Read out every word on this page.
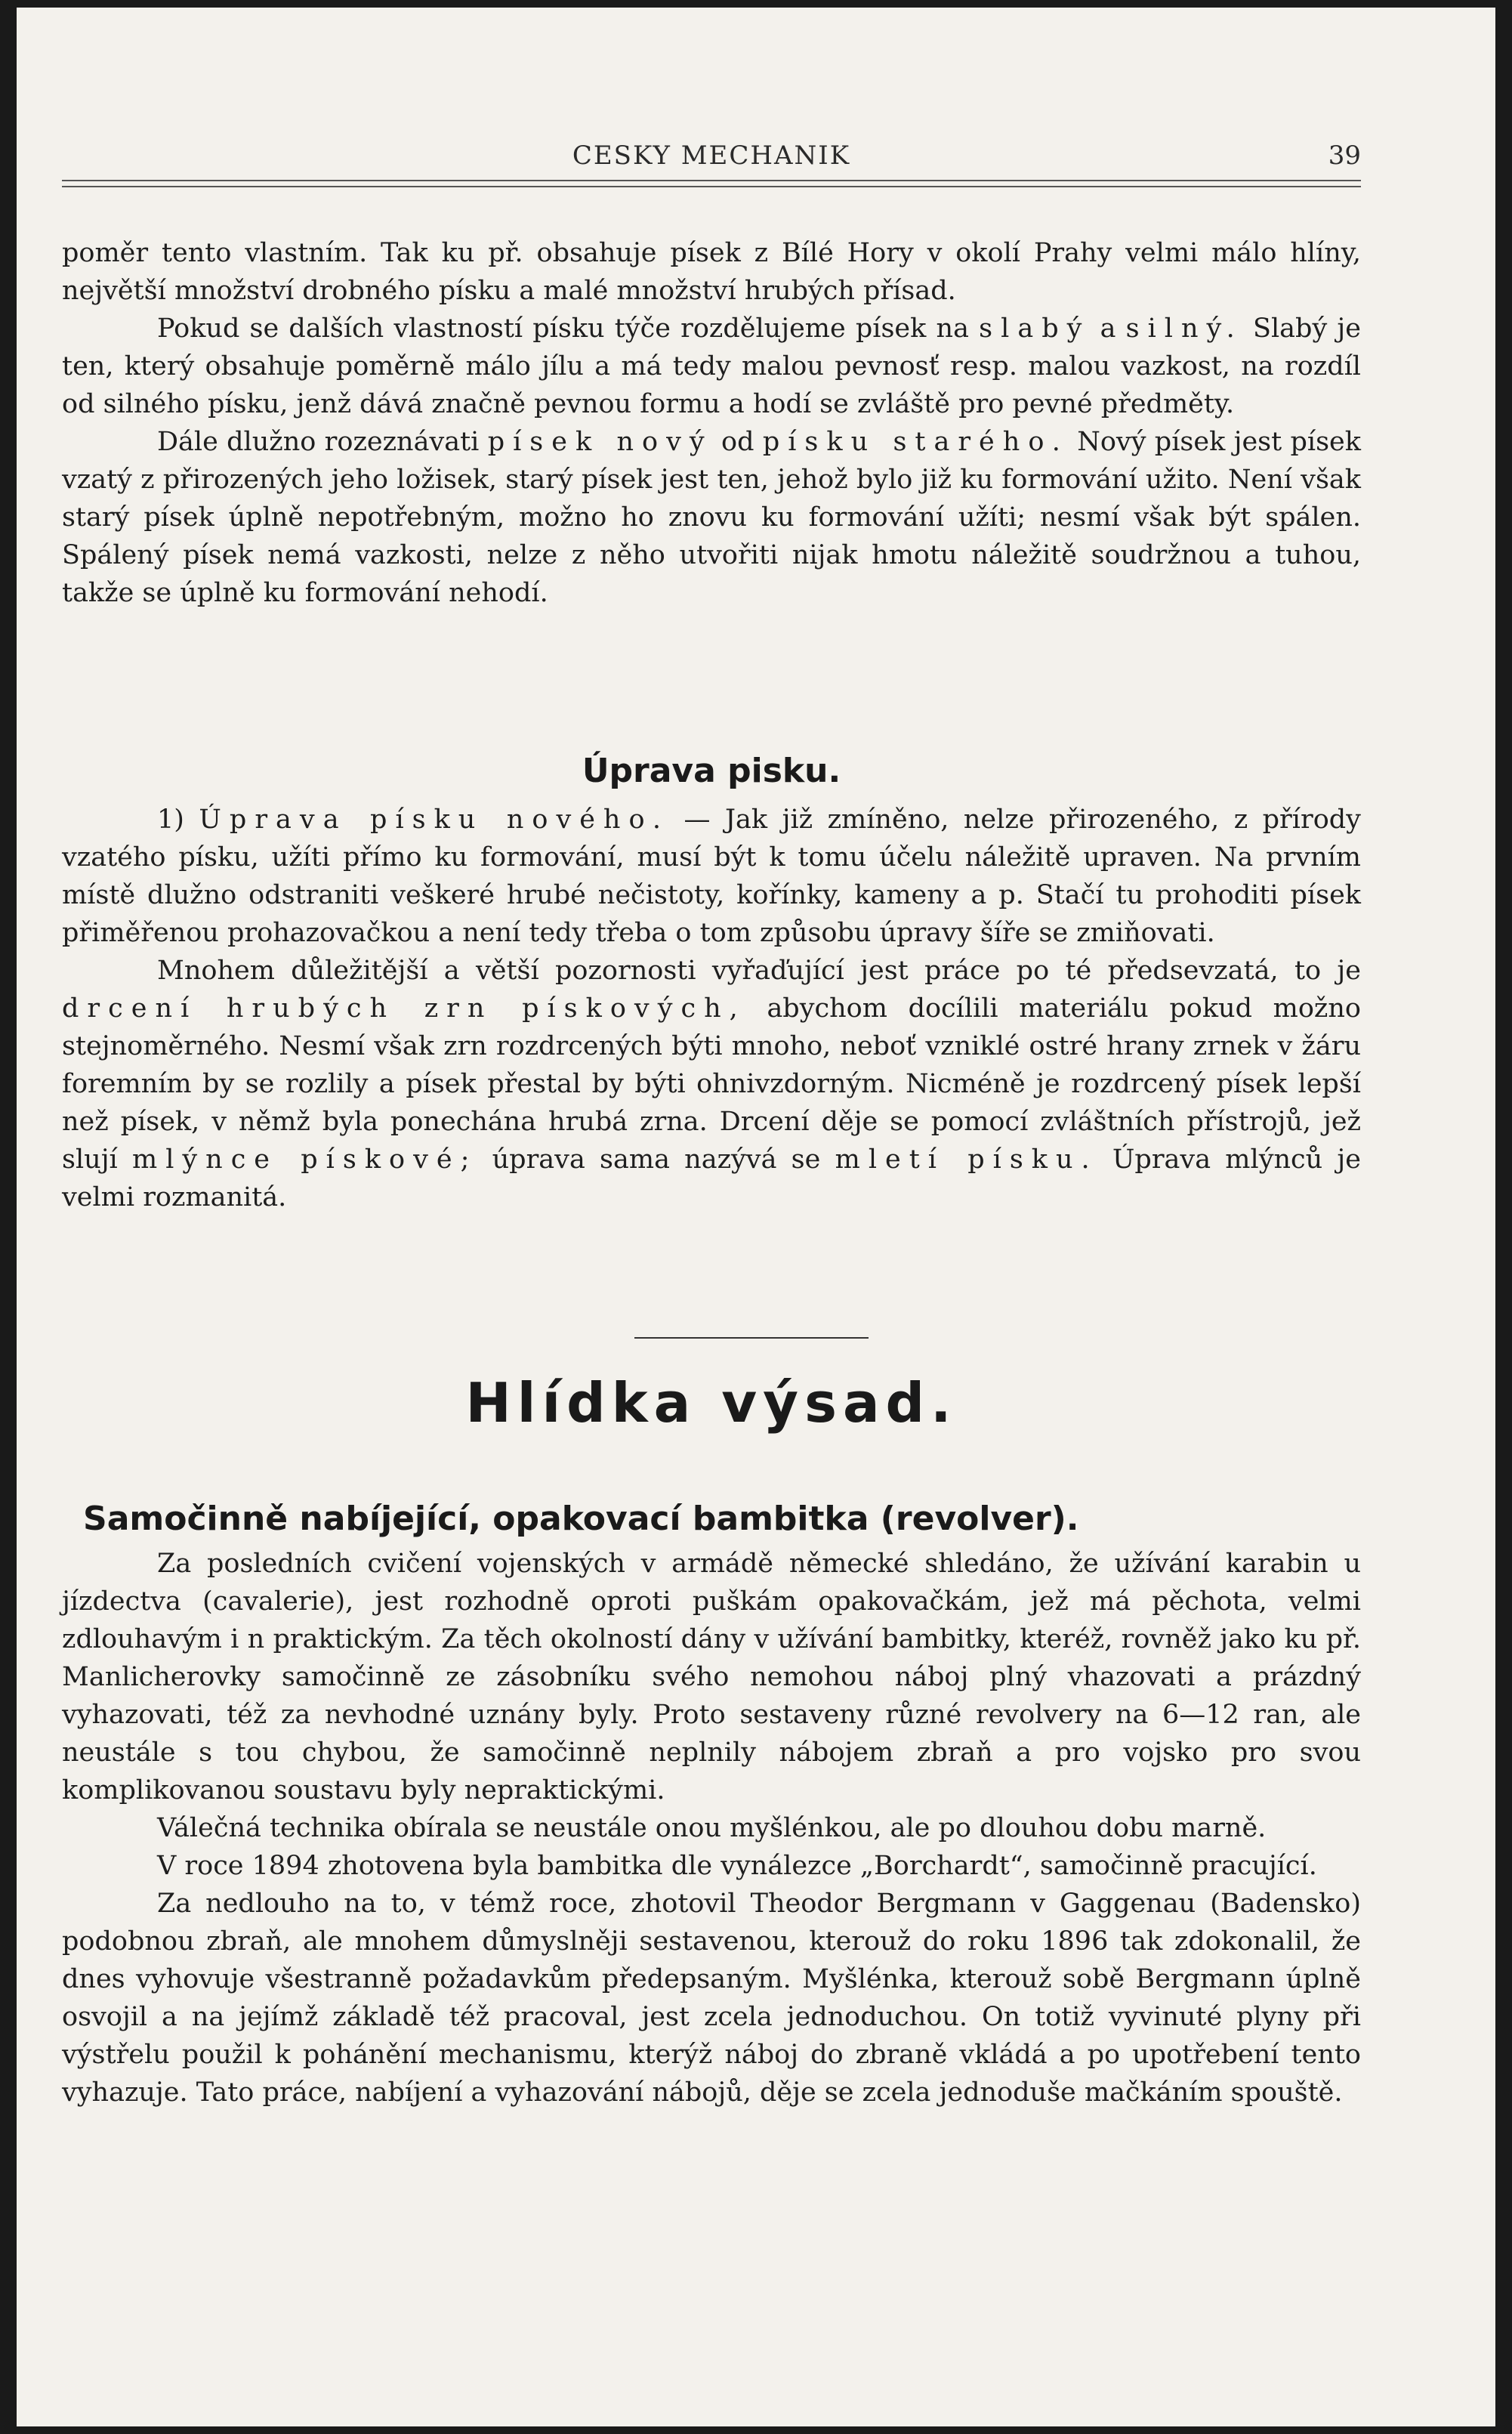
CESKY MECHANIK	39

poměr tento vlastním. Tak ku př. obsahuje písek z Bílé Hory v okolí Prahy velmi málo hlíny, největší množství drobného písku a malé množství hrubých přísad.

Pokud se dalších vlastností písku týče rozdělujeme písek na slabý a silný. Slabý je ten, který obsahuje poměrně málo jílu a má tedy malou pevnosť resp. malou vazkost, na rozdíl od silného písku, jenž dává značně pevnou formu a hodí se zvláště pro pevné předměty.

Dále dlužno rozeznávati písek nový od písku starého. Nový písek jest písek vzatý z přirozených jeho ložisek, starý písek jest ten, jehož bylo již ku formování užito. Není však starý písek úplně nepotřebným, možno ho znovu ku formování užíti; nesmí však být spálen. Spálený písek nemá vazkosti, nelze z něho utvořiti nijak hmotu náležitě soudržnou a tuhou, takže se úplně ku formování nehodí.

Úprava pisku.

1) Úprava písku nového. — Jak již zmíněno, nelze přirozeného, z přírody vzatého písku, užíti přímo ku formování, musí být k tomu účelu náležitě upraven. Na prvním místě dlužno odstraniti veškeré hrubé nečistoty, kořínky, kameny a p. Stačí tu prohoditi písek přiměřenou prohazovačkou a není tedy třeba o tom způsobu úpravy šíře se zmiňovati.

Mnohem důležitější a větší pozornosti vyřaďující jest práce po té předsevzatá, to je drcení hrubých zrn pískových, abychom docílili materiálu pokud možno stejnoměrného. Nesmí však zrn rozdrcených býti mnoho, neboť vzniklé ostré hrany zrnek v žáru foremním by se rozlily a písek přestal by býti ohnivzdorným. Nicméně je rozdrcený písek lepší než písek, v němž byla ponechána hrubá zrna. Drcení děje se pomocí zvláštních přístrojů, jež slují mlýnce pískové; úprava sama nazývá se mletí písku. Úprava mlýnců je velmi rozmanitá.

Hlídka výsad.
Samočinně nabíjející, opakovací bambitka (revolver).

Za posledních cvičení vojenských v armádě německé shledáno, že užívání karabin u jízdectva (cavalerie), jest rozhodně oproti puškám opakovačkám, jež má pěchota, velmi zdlouhavým i n praktickým. Za těch okolností dány v užívání bambitky, kteréž, rovněž jako ku př. Manlicherovky samočinně ze zásobníku svého nemohou náboj plný vhazovati a prázdný vyhazovati, též za nevhodné uznány byly. Proto sestaveny různé revolvery na 6—12 ran, ale neustále s tou chybou, že samočinně neplnily nábojem zbraň a pro vojsko pro svou komplikovanou soustavu byly nepraktickými.

Válečná technika obírala se neustále onou myšlénkou, ale po dlouhou dobu marně.

V roce 1894 zhotovena byla bambitka dle vynálezce „Borchardt“, samočinně pracující.

Za nedlouho na to, v témž roce, zhotovil Theodor Bergmann v Gaggenau (Badensko) podobnou zbraň, ale mnohem důmyslněji sestavenou, kterouž do roku 1896 tak zdokonalil, že dnes vyhovuje všestranně požadavkům předepsaným. Myšlénka, kterouž sobě Bergmann úplně osvojil a na jejímž základě též pracoval, jest zcela jednoduchou. On totiž vyvinuté plyny při výstřelu použil k pohánění mechanismu, kterýž náboj do zbraně vkládá a po upotřebení tento vyhazuje. Tato práce, nabíjení a vyhazování nábojů, děje se zcela jednoduše mačkáním spouště.
